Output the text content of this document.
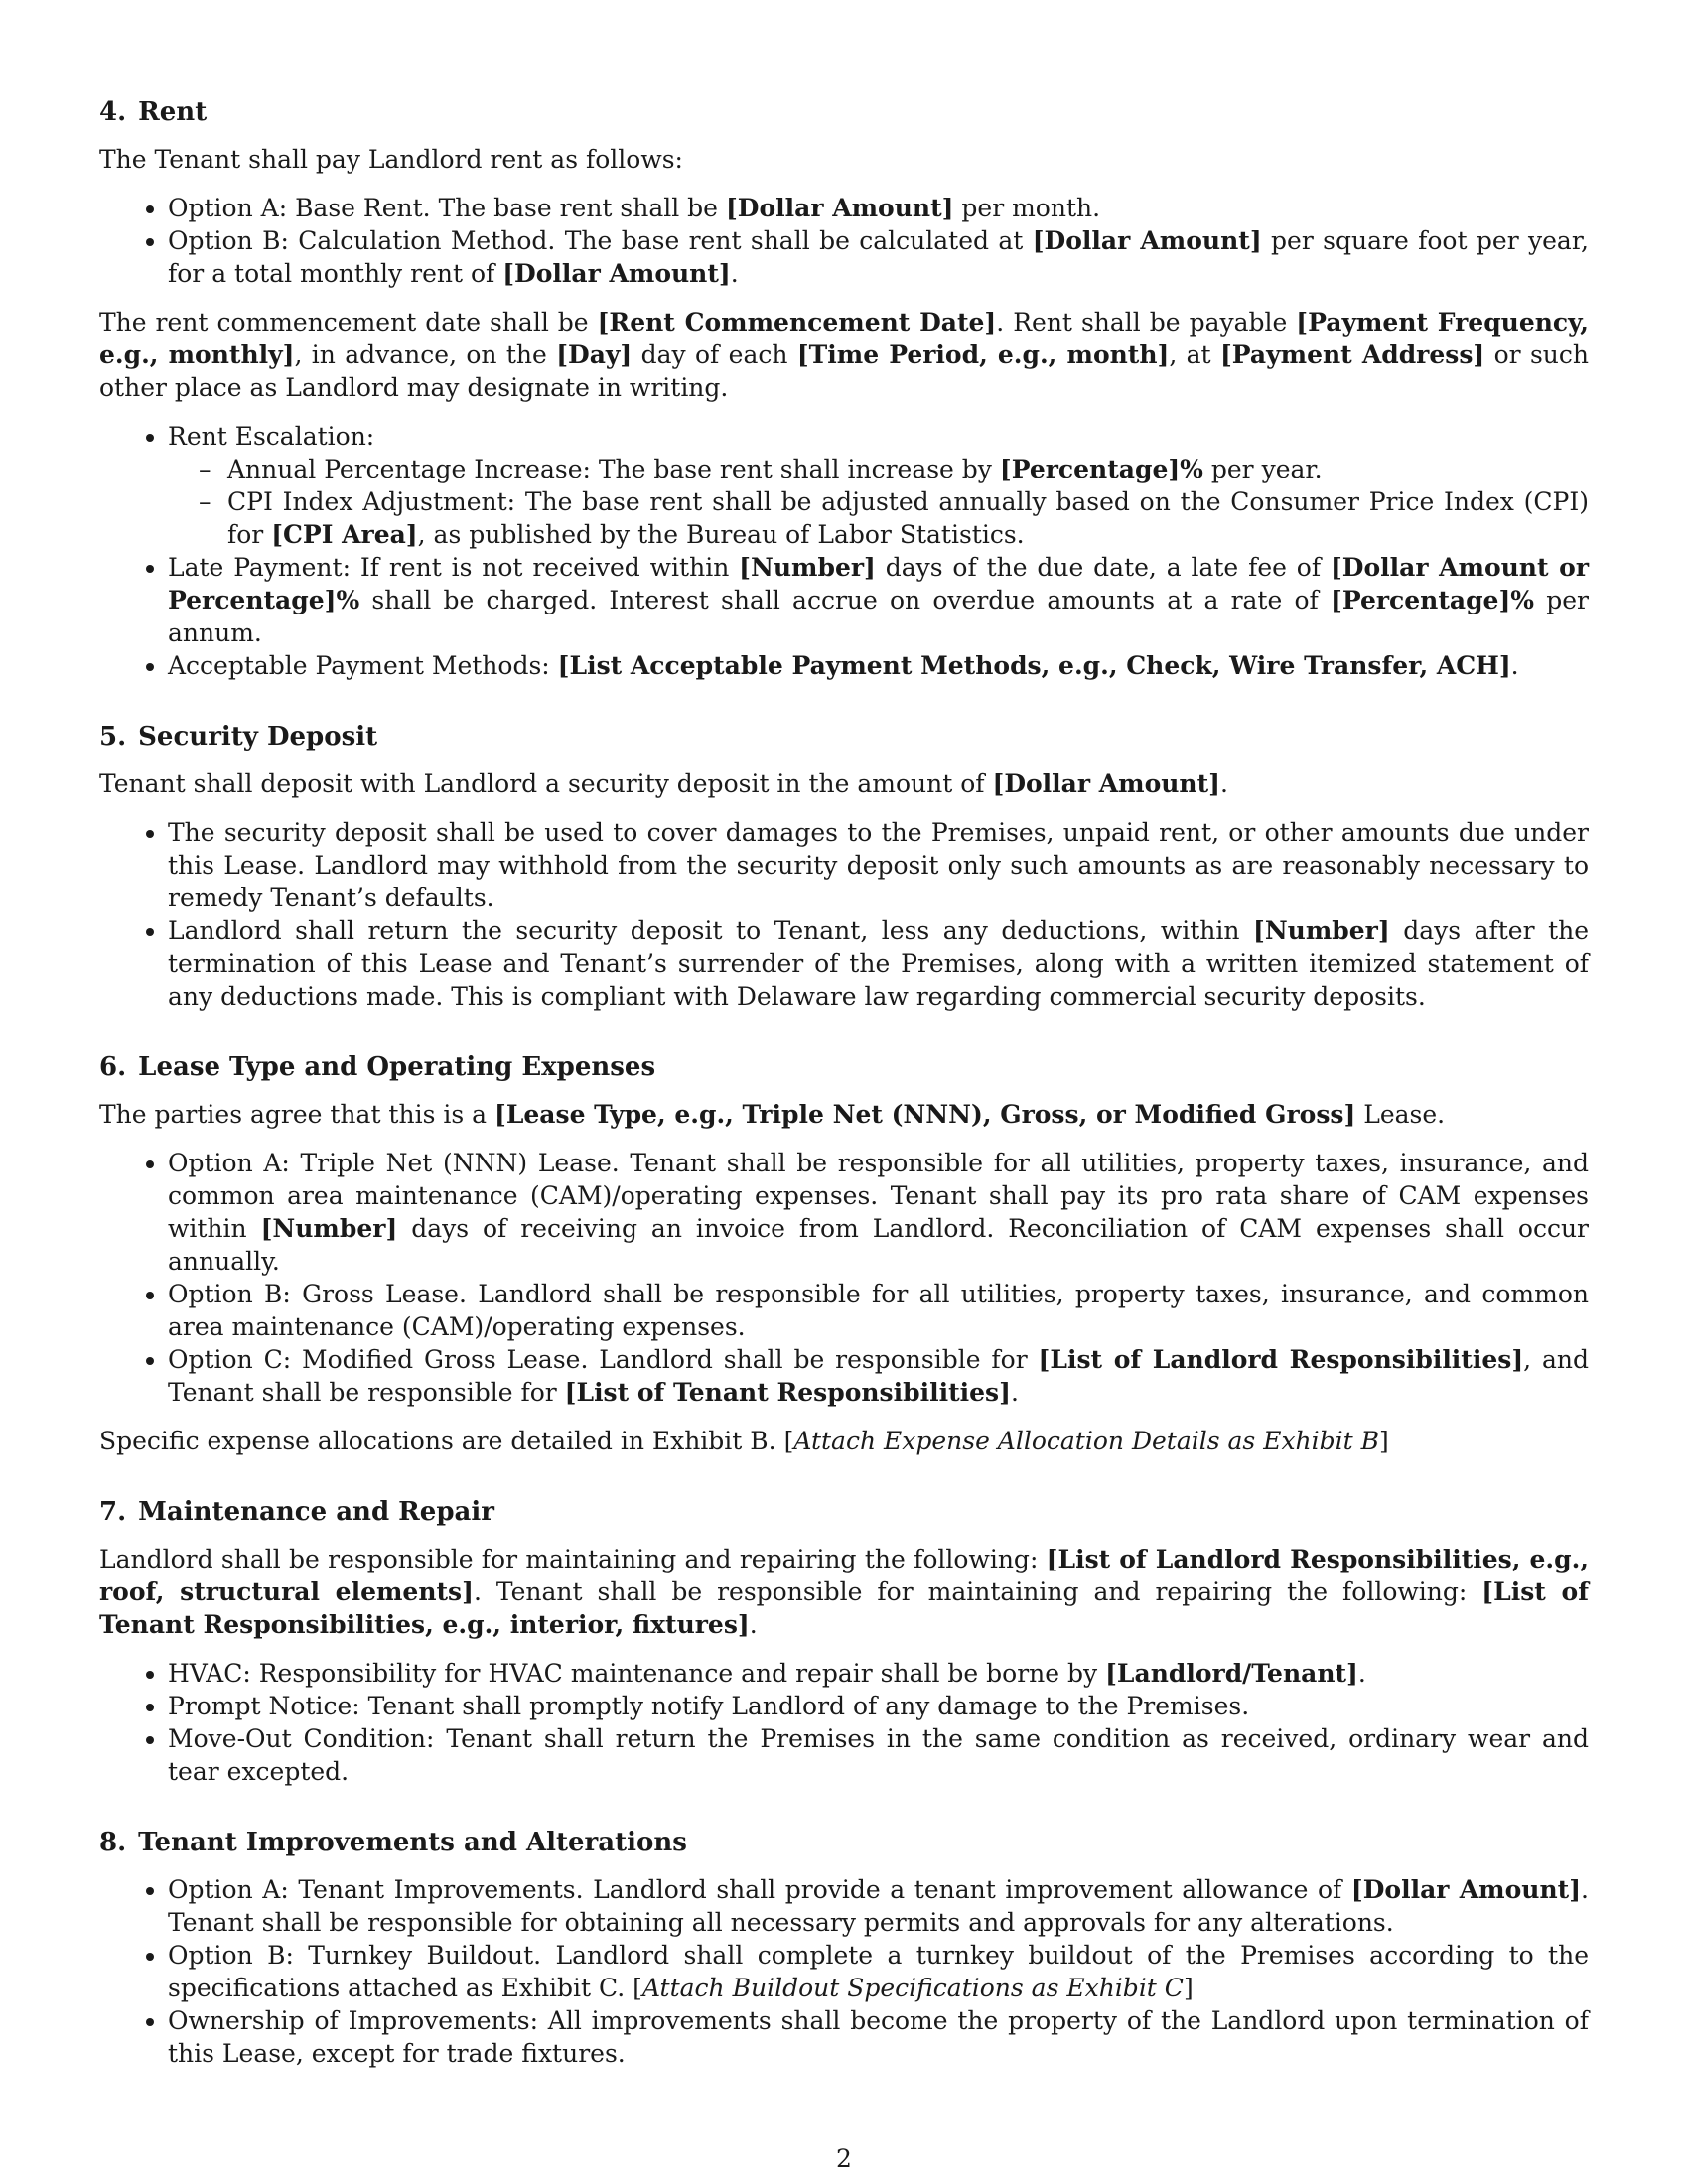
4. Rent

The Tenant shall pay Landlord rent as follows:

• Option A: Base Rent. The base rent shall be [Dollar Amount] per month.
• Option B: Calculation Method. The base rent shall be calculated at [Dollar Amount] per square foot per year, for a total monthly rent of [Dollar Amount].

The rent commencement date shall be [Rent Commencement Date]. Rent shall be payable [Payment Frequency, e.g., monthly], in advance, on the [Day] day of each [Time Period, e.g., month], at [Payment Address] or such other place as Landlord may designate in writing.

• Rent Escalation:
– Annual Percentage Increase: The base rent shall increase by [Percentage]% per year.
– CPI Index Adjustment: The base rent shall be adjusted annually based on the Consumer Price Index (CPI) for [CPI Area], as published by the Bureau of Labor Statistics.
• Late Payment: If rent is not received within [Number] days of the due date, a late fee of [Dollar Amount or Percentage]% shall be charged. Interest shall accrue on overdue amounts at a rate of [Percentage]% per annum.
• Acceptable Payment Methods: [List Acceptable Payment Methods, e.g., Check, Wire Transfer, ACH].
5. Security Deposit

Tenant shall deposit with Landlord a security deposit in the amount of [Dollar Amount].

• The security deposit shall be used to cover damages to the Premises, unpaid rent, or other amounts due under this Lease. Landlord may withhold from the security deposit only such amounts as are reasonably necessary to remedy Tenant’s defaults.
• Landlord shall return the security deposit to Tenant, less any deductions, within [Number] days after the termination of this Lease and Tenant’s surrender of the Premises, along with a written itemized statement of any deductions made. This is compliant with Delaware law regarding commercial security deposits.
6. Lease Type and Operating Expenses

The parties agree that this is a [Lease Type, e.g., Triple Net (NNN), Gross, or Modified Gross] Lease.

• Option A: Triple Net (NNN) Lease. Tenant shall be responsible for all utilities, property taxes, insurance, and common area maintenance (CAM)/operating expenses. Tenant shall pay its pro rata share of CAM expenses within [Number] days of receiving an invoice from Landlord. Reconciliation of CAM expenses shall occur annually.
• Option B: Gross Lease. Landlord shall be responsible for all utilities, property taxes, insurance, and common area maintenance (CAM)/operating expenses.
• Option C: Modified Gross Lease. Landlord shall be responsible for [List of Landlord Responsibilities], and Tenant shall be responsible for [List of Tenant Responsibilities].

Specific expense allocations are detailed in Exhibit B. [Attach Expense Allocation Details as Exhibit B]

7. Maintenance and Repair

Landlord shall be responsible for maintaining and repairing the following: [List of Landlord Responsibilities, e.g., roof, structural elements]. Tenant shall be responsible for maintaining and repairing the following: [List of Tenant Responsibilities, e.g., interior, fixtures].

• HVAC: Responsibility for HVAC maintenance and repair shall be borne by [Landlord/Tenant].
• Prompt Notice: Tenant shall promptly notify Landlord of any damage to the Premises.
• Move-Out Condition: Tenant shall return the Premises in the same condition as received, ordinary wear and tear excepted.
8. Tenant Improvements and Alterations
• Option A: Tenant Improvements. Landlord shall provide a tenant improvement allowance of [Dollar Amount]. Tenant shall be responsible for obtaining all necessary permits and approvals for any alterations.
• Option B: Turnkey Buildout. Landlord shall complete a turnkey buildout of the Premises according to the specifications attached as Exhibit C. [Attach Buildout Specifications as Exhibit C]
• Ownership of Improvements: All improvements shall become the property of the Landlord upon termination of this Lease, except for trade fixtures.
2
